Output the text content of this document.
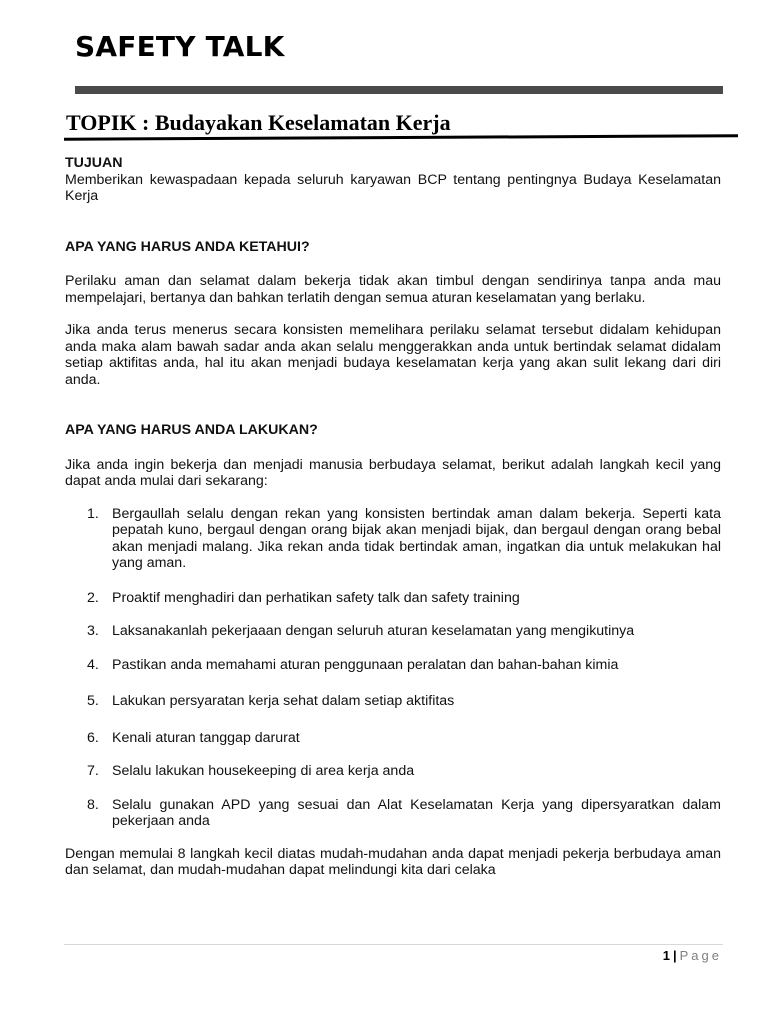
SAFETY TALK
TOPIK : Budayakan Keselamatan Kerja

TUJUAN

Memberikan kewaspadaan kepada seluruh karyawan BCP tentang pentingnya Budaya Keselamatan Kerja

APA YANG HARUS ANDA KETAHUI?

Perilaku aman dan selamat dalam bekerja tidak akan timbul dengan sendirinya tanpa anda mau mempelajari, bertanya dan bahkan terlatih dengan semua aturan keselamatan yang berlaku.

Jika anda terus menerus secara konsisten memelihara perilaku selamat tersebut didalam kehidupan anda maka alam bawah sadar anda akan selalu menggerakkan anda untuk bertindak selamat didalam setiap aktifitas anda, hal itu akan menjadi budaya keselamatan kerja yang akan sulit lekang dari diri anda.

APA YANG HARUS ANDA LAKUKAN?

Jika anda ingin bekerja dan menjadi manusia berbudaya selamat, berikut adalah langkah kecil yang dapat anda mulai dari sekarang:

1. Bergaullah selalu dengan rekan yang konsisten bertindak aman dalam bekerja. Seperti kata pepatah kuno, bergaul dengan orang bijak akan menjadi bijak, dan bergaul dengan orang bebal akan menjadi malang. Jika rekan anda tidak bertindak aman, ingatkan dia untuk melakukan hal yang aman.
2. Proaktif menghadiri dan perhatikan safety talk dan safety training
3. Laksanakanlah pekerjaaan dengan seluruh aturan keselamatan yang mengikutinya
4. Pastikan anda memahami aturan penggunaan peralatan dan bahan-bahan kimia
5. Lakukan persyaratan kerja sehat dalam setiap aktifitas
6. Kenali aturan tanggap darurat
7. Selalu lakukan housekeeping di area kerja anda
8. Selalu gunakan APD yang sesuai dan Alat Keselamatan Kerja yang dipersyaratkan dalam pekerjaan anda

Dengan memulai 8 langkah kecil diatas mudah-mudahan anda dapat menjadi pekerja berbudaya aman dan selamat, dan mudah-mudahan dapat melindungi kita dari celaka

1 | Page
